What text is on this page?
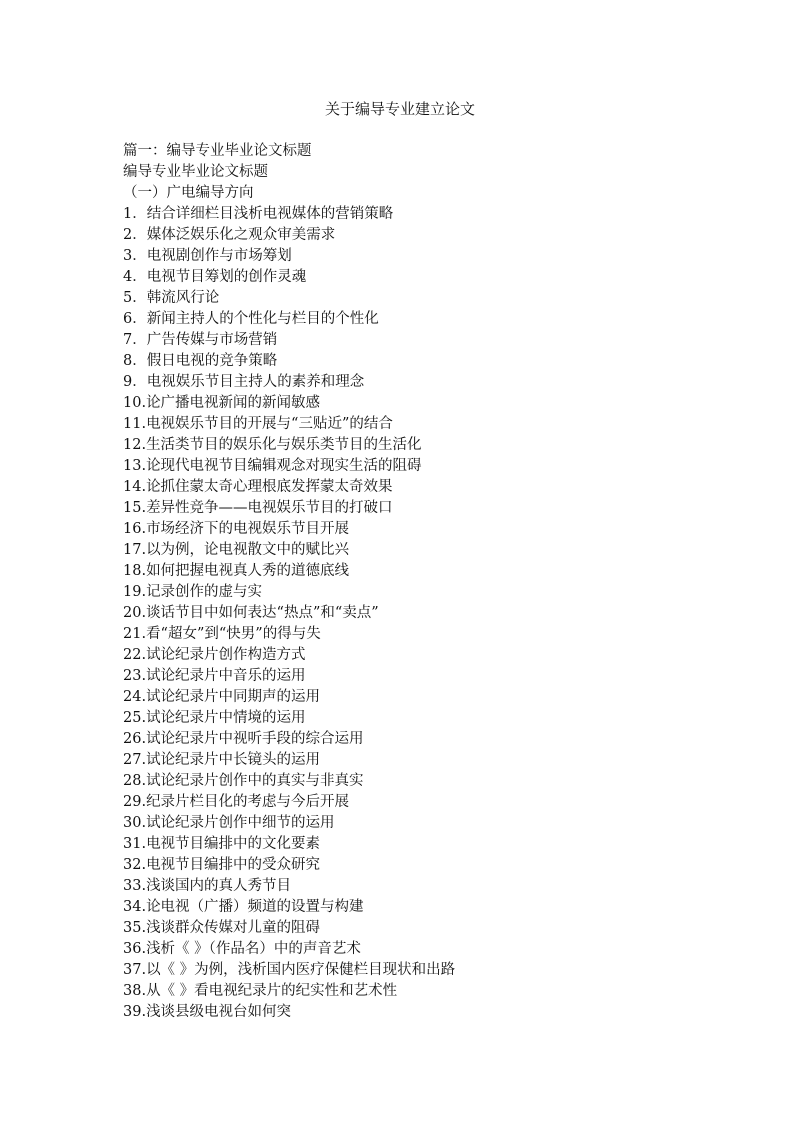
关于编导专业建立论文
篇一：编导专业毕业论文标题
编导专业毕业论文标题
（一）广电编导方向
1．结合详细栏目浅析电视媒体的营销策略
2．媒体泛娱乐化之观众审美需求
3．电视剧创作与市场筹划
4．电视节目筹划的创作灵魂
5．韩流风行论
6．新闻主持人的个性化与栏目的个性化
7．广告传媒与市场营销
8．假日电视的竞争策略
9．电视娱乐节目主持人的素养和理念
10.论广播电视新闻的新闻敏感
11.电视娱乐节目的开展与“三贴近”的结合
12.生活类节目的娱乐化与娱乐类节目的生活化
13.论现代电视节目编辑观念对现实生活的阻碍
14.论抓住蒙太奇心理根底发挥蒙太奇效果
15.差异性竞争——电视娱乐节目的打破口
16.市场经济下的电视娱乐节目开展
17.以为例，论电视散文中的赋比兴
18.如何把握电视真人秀的道德底线
19.记录创作的虚与实
20.谈话节目中如何表达“热点”和“卖点”
21.看“超女”到“快男”的得与失
22.试论纪录片创作构造方式
23.试论纪录片中音乐的运用
24.试论纪录片中同期声的运用
25.试论纪录片中情境的运用
26.试论纪录片中视听手段的综合运用
27.试论纪录片中长镜头的运用
28.试论纪录片创作中的真实与非真实
29.纪录片栏目化的考虑与今后开展
30.试论纪录片创作中细节的运用
31.电视节目编排中的文化要素
32.电视节目编排中的受众研究
33.浅谈国内的真人秀节目
34.论电视（广播）频道的设置与构建
35.浅谈群众传媒对儿童的阻碍
36.浅析《 》（作品名）中的声音艺术
37.以《 》为例，浅析国内医疗保健栏目现状和出路
38.从《 》看电视纪录片的纪实性和艺术性
39.浅谈县级电视台如何突
